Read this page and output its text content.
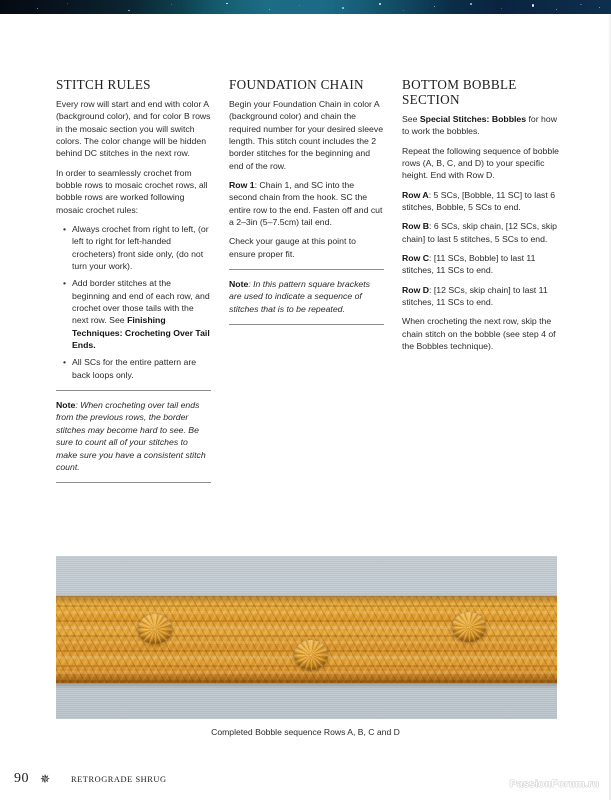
STITCH RULES

Every row will start and end with color A (background color), and for color B rows in the mosaic section you will switch colors. The color change will be hidden behind DC stitches in the next row.

In order to seamlessly crochet from bobble rows to mosaic crochet rows, all bobble rows are worked following mosaic crochet rules:

• Always crochet from right to left, (or left to right for left-handed crocheters) front side only, (do not turn your work).
• Add border stitches at the beginning and end of each row, and crochet over those tails with the next row. See Finishing Techniques: Crocheting Over Tail Ends.
• All SCs for the entire pattern are back loops only.

Note: When crocheting over tail ends from the previous rows, the border stitches may become hard to see. Be sure to count all of your stitches to make sure you have a consistent stitch count.

FOUNDATION CHAIN

Begin your Foundation Chain in color A (background color) and chain the required number for your desired sleeve length. This stitch count includes the 2 border stitches for the beginning and end of the row.

Row 1: Chain 1, and SC into the second chain from the hook. SC the entire row to the end. Fasten off and cut a 2–3in (5–7.5cm) tail end.

Check your gauge at this point to ensure proper fit.

Note: In this pattern square brackets are used to indicate a sequence of stitches that is to be repeated.

BOTTOM BOBBLE SECTION

See Special Stitches: Bobbles for how to work the bobbles.

Repeat the following sequence of bobble rows (A, B, C, and D) to your specific height. End with Row D.

Row A: 5 SCs, [Bobble, 11 SC] to last 6 stitches, Bobble, 5 SCs to end.

Row B: 6 SCs, skip chain, [12 SCs, skip chain] to last 5 stitches, 5 SCs to end.

Row C: [11 SCs, Bobble] to last 11 stitches, 11 SCs to end.

Row D: [12 SCs, skip chain] to last 11 stitches, 11 SCs to end.

When crocheting the next row, skip the chain stitch on the bobble (see step 4 of the Bobbles technique).

Completed Bobble sequence Rows A, B, C and D
90 ✵	RETROGRADE SHRUG	PassionForum.ru
